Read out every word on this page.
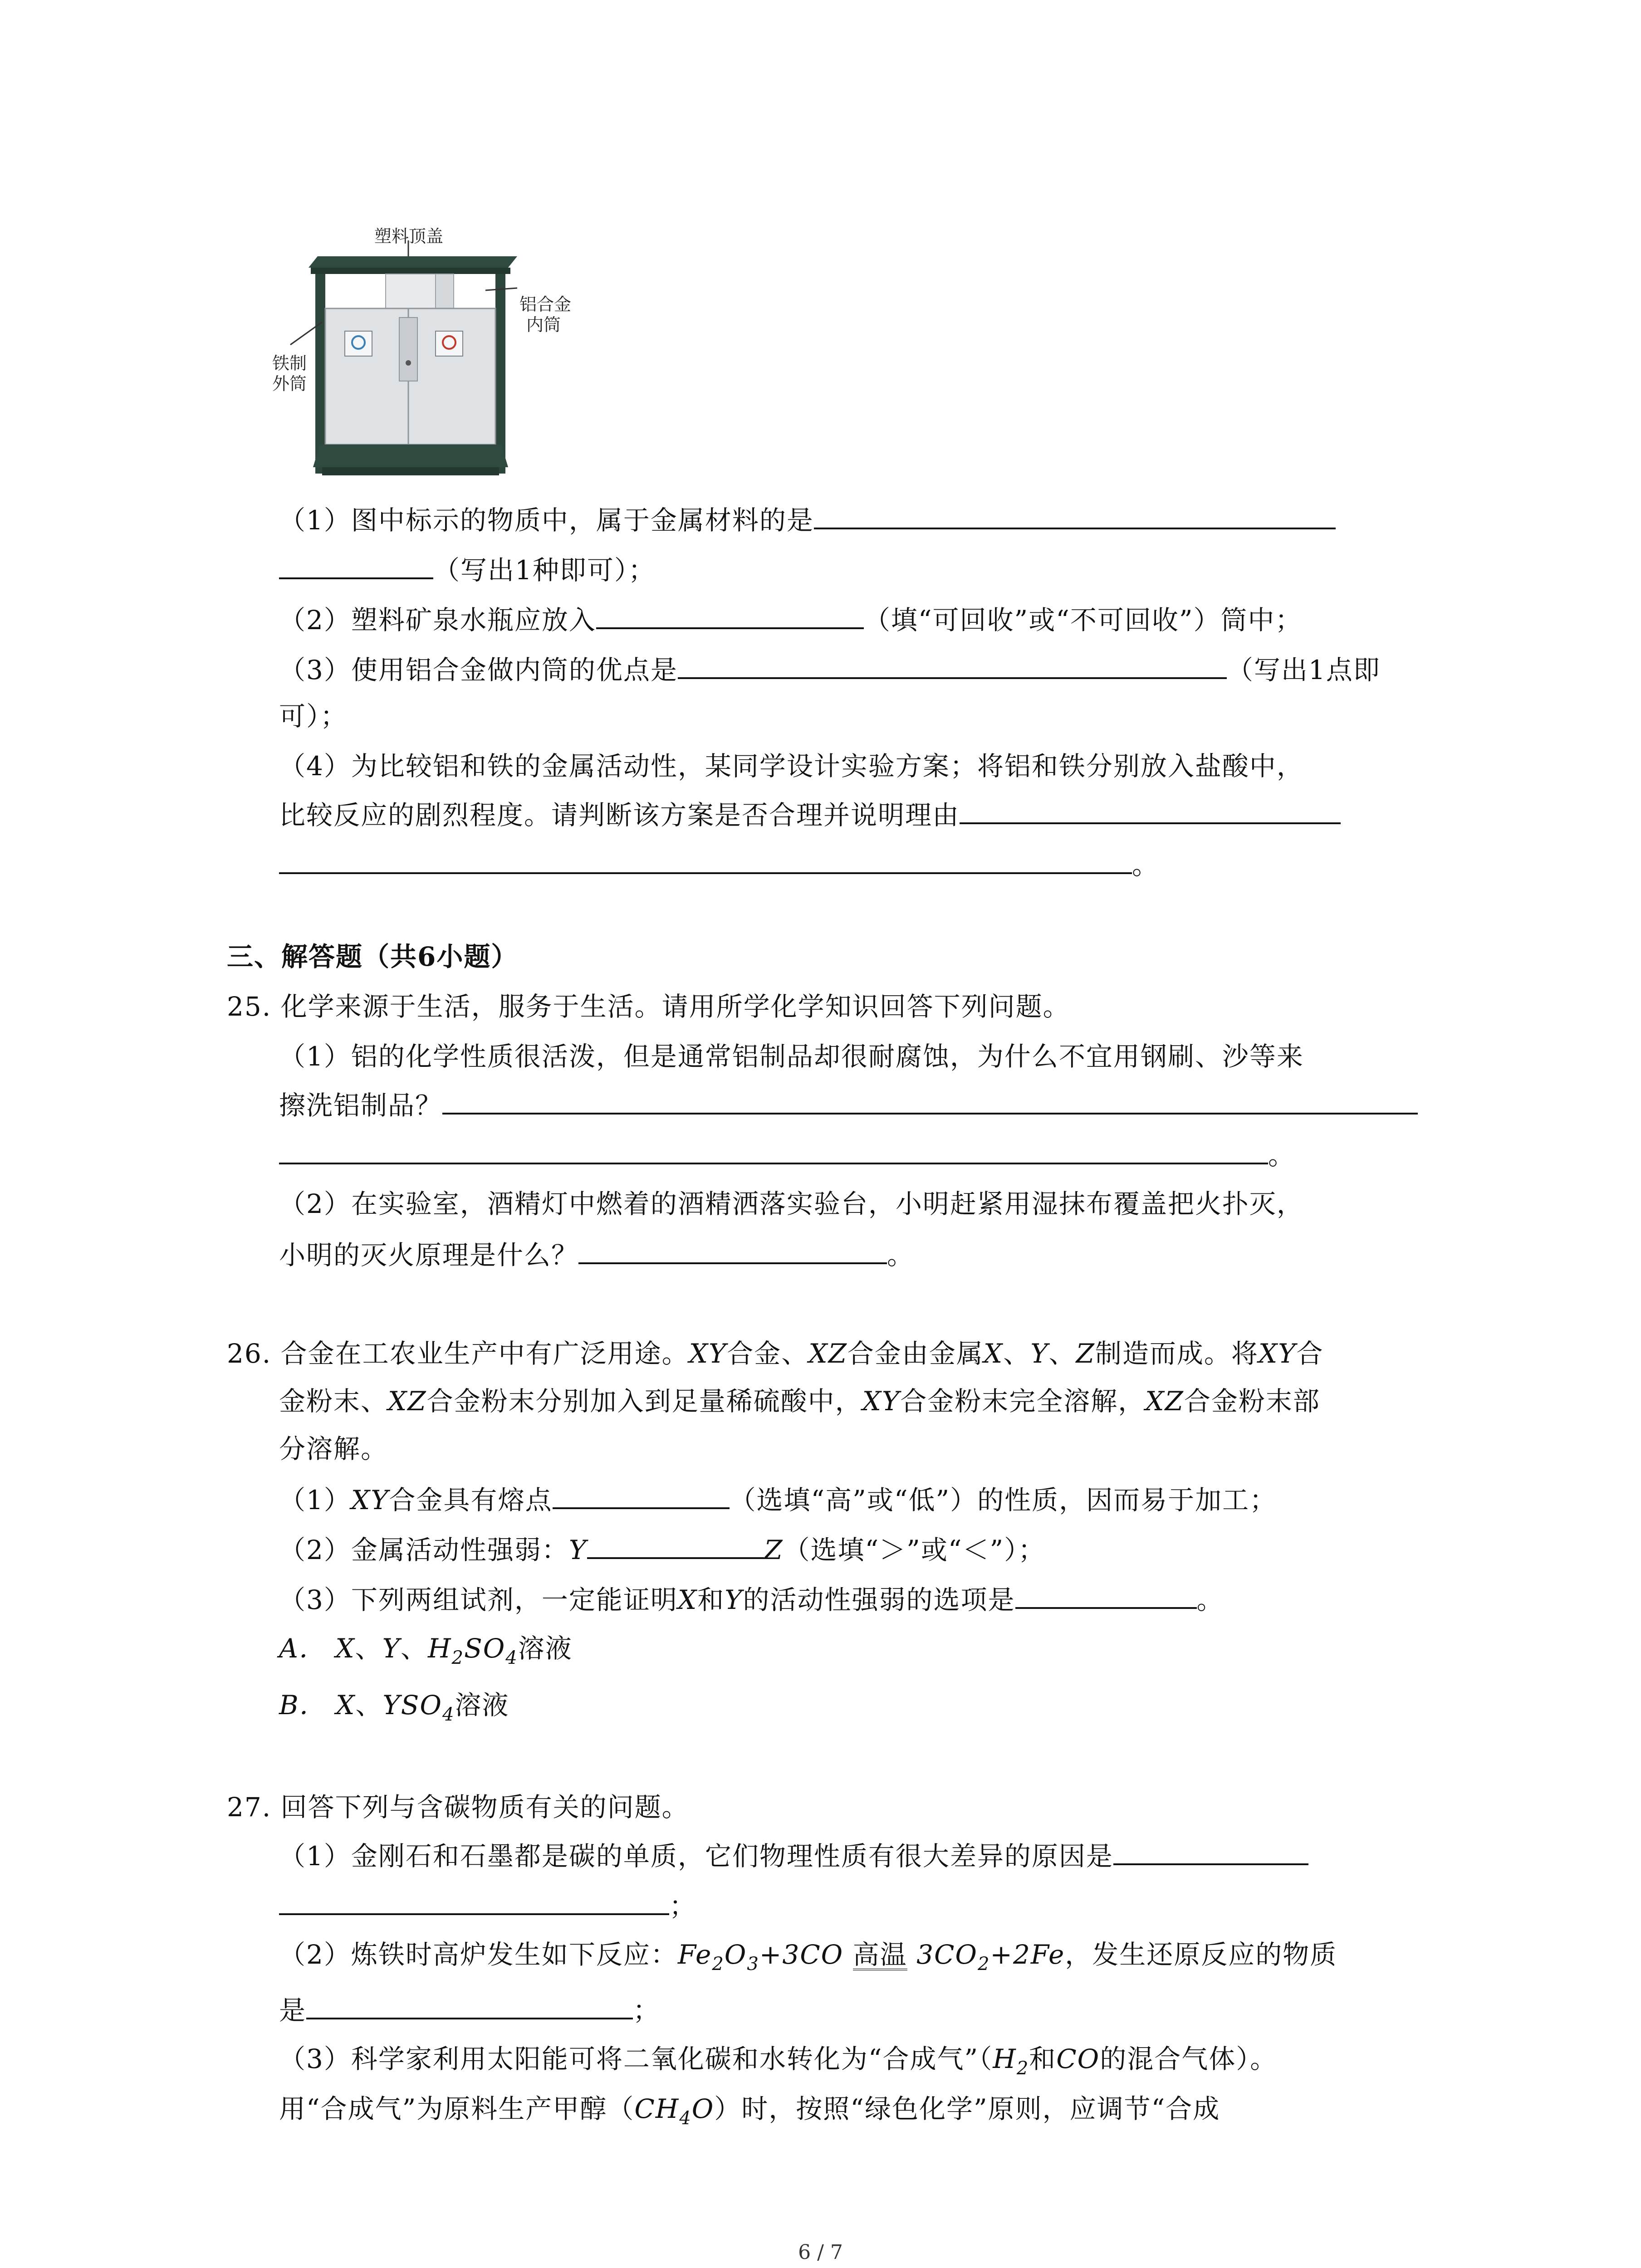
塑料顶盖
铝合金
内筒
铁制
外筒
（1）图中标示的物质中，属于金属材料的是
（写出1种即可）；
（2）塑料矿泉水瓶应放入	（填“可回收”或“不可回收”）筒中；
（3）使用铝合金做内筒的优点是	（写出1点即
可）；
（4）为比较铝和铁的金属活动性，某同学设计实验方案；将铝和铁分别放入盐酸中，
比较反应的剧烈程度。请判断该方案是否合理并说明理由
。
三、解答题（共6小题）
25. 化学来源于生活，服务于生活。请用所学化学知识回答下列问题。
（1）铝的化学性质很活泼，但是通常铝制品却很耐腐蚀，为什么不宜用钢刷、沙等来
擦洗铝制品？
。
（2）在实验室，酒精灯中燃着的酒精洒落实验台，小明赶紧用湿抹布覆盖把火扑灭，
小明的灭火原理是什么？	。
26. 合金在工农业生产中有广泛用途。XY合金、XZ合金由金属X、Y、Z制造而成。将XY合
金粉末、XZ合金粉末分别加入到足量稀硫酸中，XY合金粉末完全溶解，XZ合金粉末部
分溶解。
（1）XY合金具有熔点	（选填“高”或“低”）的性质，因而易于加工；
（2）金属活动性强弱：Y	Z（选填“＞”或“＜”）；
（3）下列两组试剂，一定能证明X和Y的活动性强弱的选项是	。
A． X、Y、$H_2SO_4$溶液
B． X、$YSO_4$溶液
27. 回答下列与含碳物质有关的问题。
（1）金刚石和石墨都是碳的单质，它们物理性质有很大差异的原因是
；
（2）炼铁时高炉发生如下反应：$Fe_2O_3+3CO$ 高温 $3CO_2+2Fe$，发生还原反应的物质
是	；
（3）科学家利用太阳能可将二氧化碳和水转化为“合成气$”(H_2$和CO的混合气体）。
用“合成气”为原料生产甲醇$(CH_4O)$时，按照“绿色化学”原则，应调节“合成
6 / 7
